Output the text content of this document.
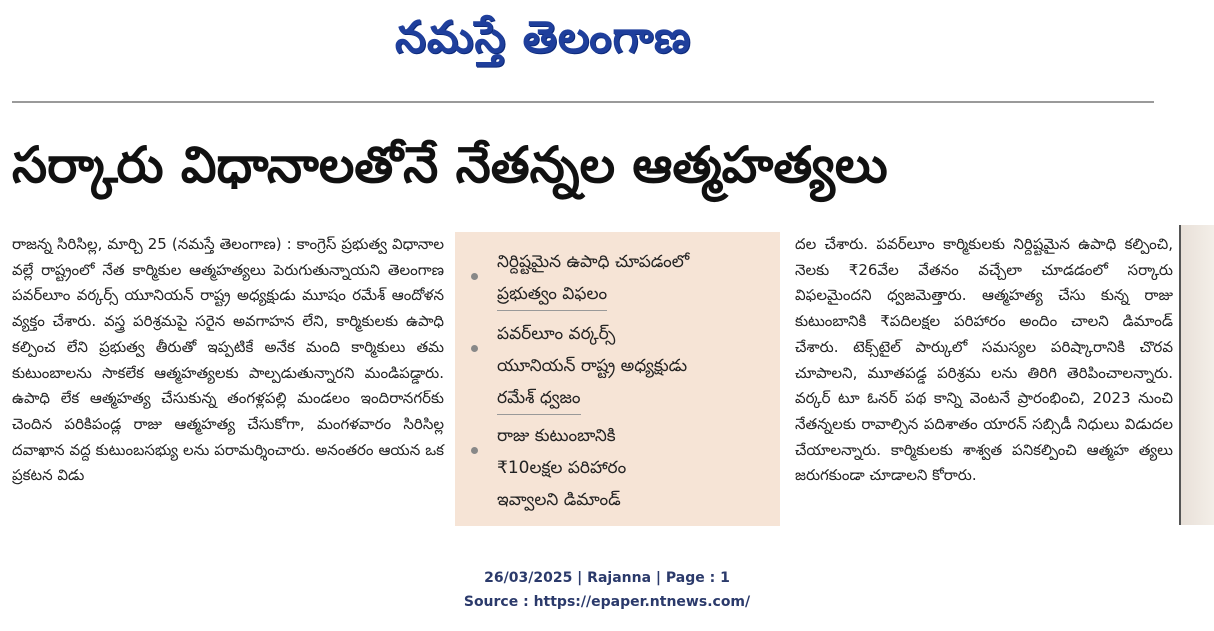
నమస్తే తెలంగాణ
సర్కారు విధానాలతోనే నేతన్నల ఆత్మహత్యలు
రాజన్న సిరిసిల్ల, మార్చి 25 (నమస్తే తెలంగాణ) : కాంగ్రెస్ ప్రభుత్వ విధానాల వల్లే రాష్ట్రంలో నేత కార్మికుల ఆత్మహత్యలు పెరుగుతున్నాయని తెలంగాణ పవర్‌లూం వర్కర్స్ యూనియన్ రాష్ట్ర అధ్యక్షుడు మూషం రమేశ్ ఆందోళన వ్యక్తం చేశారు. వస్త్ర పరిశ్రమపై సరైన అవగాహన లేని, కార్మికులకు ఉపాధి కల్పించ లేని ప్రభుత్వ తీరుతో ఇప్పటికే అనేక మంది కార్మికులు తమ కుటుంబాలను సాకలేక ఆత్మహత్యలకు పాల్పడుతున్నారని మండిపడ్డారు. ఉపాధి లేక ఆత్మహత్య చేసుకున్న తంగళ్లపల్లి మండలం ఇందిరానగర్‌కు చెందిన పరికిపండ్ల రాజు ఆత్మహత్య చేసుకోగా, మంగళవారం సిరిసిల్ల దవాఖాన వద్ద కుటుంబసభ్యు లను పరామర్శించారు. అనంతరం ఆయన ఒక ప్రకటన విడు
నిర్దిష్టమైన ఉపాధి చూపడంలో
ప్రభుత్వం విఫలం
పవర్‌లూం వర్కర్స్
యూనియన్ రాష్ట్ర అధ్యక్షుడు
రమేశ్ ధ్వజం
రాజు కుటుంబానికి
₹10లక్షల పరిహారం
ఇవ్వాలని డిమాండ్
దల చేశారు. పవర్‌లూం కార్మికులకు నిర్దిష్టమైన ఉపాధి కల్పించి, నెలకు ₹26వేల వేతనం వచ్చేలా చూడడంలో సర్కారు విఫలమైందని ధ్వజమెత్తారు. ఆత్మహత్య చేసు కున్న రాజు కుటుంబానికి ₹పదిలక్షల పరిహారం అందిం చాలని డిమాండ్ చేశారు. టెక్స్‌టైల్ పార్కులో సమస్యల పరిష్కారానికి చొరవ చూపాలని, మూతపడ్డ పరిశ్రమ లను తిరిగి తెరిపించాలన్నారు. వర్కర్ టూ ఓనర్ పథ కాన్ని వెంటనే ప్రారంభించి, 2023 నుంచి నేతన్నలకు రావాల్సిన పదిశాతం యారన్ సబ్సిడీ నిధులు విడుదల చేయాలన్నారు. కార్మికులకు శాశ్వత పనికల్పించి ఆత్మహ త్యలు జరుగకుండా చూడాలని కోరారు.
26/03/2025 | Rajanna | Page : 1
Source : https://epaper.ntnews.com/
